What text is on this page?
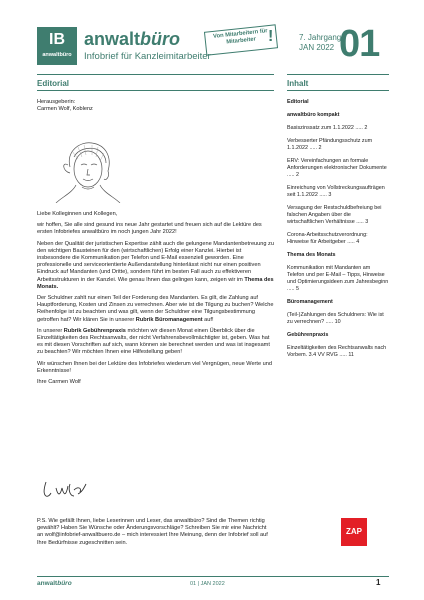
IB
anwaltbüro
anwaltbüro
Infobrief für Kanzleimitarbeiter
Von Mitarbeitern für Mitarbeiter !	7. Jahrgang
JAN 2022 01
Editorial	Inhalt
Herausgeberin:
Carmen Wolf, Koblenz

Liebe Kolleginnen und Kollegen,

wir hoffen, Sie alle sind gesund ins neue Jahr gestartet und freuen sich auf die Lektüre des ersten Infobriefes anwaltbüro im noch jungen Jahr 2022!

Neben der Qualität der juristischen Expertise zählt auch die gelungene Mandantenbetreuung zu den wichtigen Bausteinen für den (wirtschaftlichen) Erfolg einer Kanzlei. Hierbei ist insbesondere die Kommunikation per Telefon und E-Mail essenziell geworden. Eine professionelle und serviceorientierte Außendarstellung hinterlässt nicht nur einen positiven Eindruck auf Mandanten (und Dritte), sondern führt im besten Fall auch zu effektiveren Arbeitsstrukturen in der Kanzlei. Wie genau Ihnen das gelingen kann, zeigen wir im Thema des Monats.

Der Schuldner zahlt nur einen Teil der Forderung des Mandanten. Es gilt, die Zahlung auf Hauptforderung, Kosten und Zinsen zu verrechnen. Aber wie ist die Tilgung zu buchen? Welche Reihenfolge ist zu beachten und was gilt, wenn der Schuldner eine Tilgungsbestimmung getroffen hat? Wir klären Sie in unserer Rubrik Büromanagement auf!

In unserer Rubrik Gebührenpraxis möchten wir diesen Monat einen Überblick über die Einzeltätigkeiten des Rechtsanwalts, der nicht Verfahrensbevollmächtigter ist, geben. Was hat es mit diesen Vorschriften auf sich, wann können sie berechnet werden und was ist insgesamt zu beachten? Wir möchten Ihnen eine Hilfestellung geben!

Wir wünschen Ihnen bei der Lektüre des Infobriefes wiederum viel Vergnügen, neue Werte und Erkenntnisse!

Ihre Carmen Wolf

P.S. Wie gefällt Ihnen, liebe Leserinnen und Leser, das anwaltbüro? Sind die Themen richtig gewählt? Haben Sie Wünsche oder Änderungsvorschläge? Schreiben Sie mir eine Nachricht an wolf@infobrief-anwaltbuero.de – mich interessiert Ihre Meinung, denn der Infobrief soll auf Ihre Bedürfnisse zugeschnitten sein.
Editorial
anwaltbüro kompakt
Basiszinssatz zum 1.1.2022 ..... 2
Verbesserter Pfändungsschutz zum 1.1.2022 ..... 2
ERV: Vereinfachungen an formale Anforderungen elektronischer Dokumente ..... 2
Einreichung von Vollstreckungsaufträgen seit 1.1.2022 ..... 3
Versagung der Restschuldbefreiung bei falschen Angaben über die wirtschaftlichen Verhältnisse ..... 3
Corona-Arbeitsschutzverordnung: Hinweise für Arbeitgeber ..... 4
Thema des Monats
Kommunikation mit Mandanten am Telefon und per E-Mail – Tipps, Hinweise und Optimierungsideen zum Jahresbeginn ..... 5
Büromanagement
(Teil-)Zahlungen des Schuldners: Wie ist zu verrechnen? ..... 10
Gebührenpraxis
Einzeltätigkeiten des Rechtsanwalts nach Vorbem. 3.4 VV RVG ..... 11
ZAP
anwaltbüro	01 | JAN 2022	1
